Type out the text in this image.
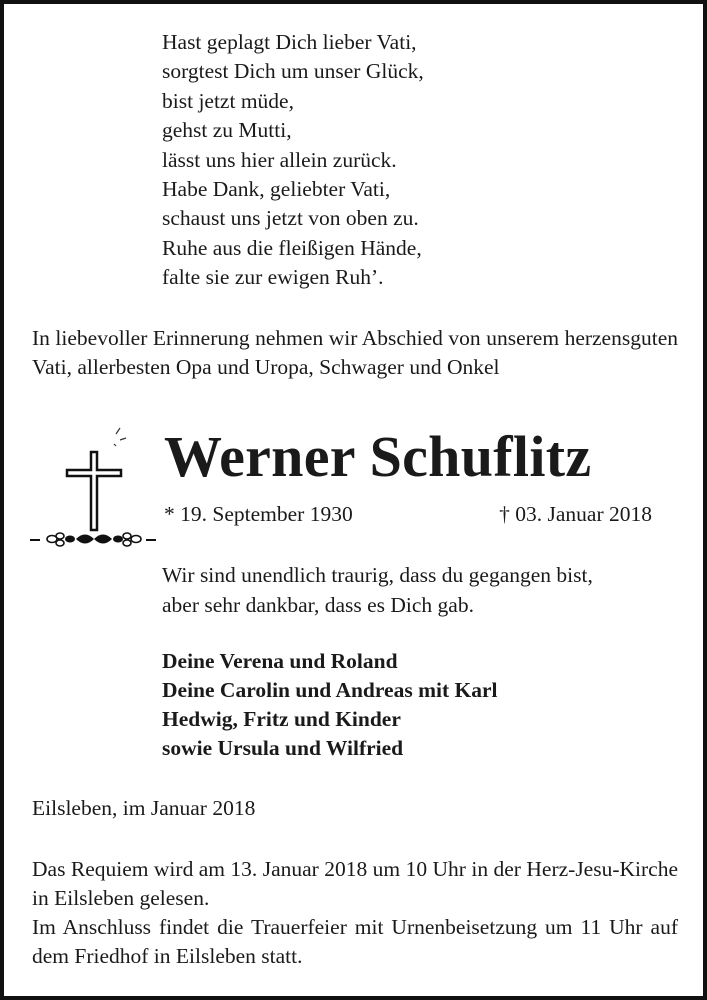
Hast geplagt Dich lieber Vati,
sorgtest Dich um unser Glück,
bist jetzt müde,
gehst zu Mutti,
lässt uns hier allein zurück.
Habe Dank, geliebter Vati,
schaust uns jetzt von oben zu.
Ruhe aus die fleißigen Hände,
falte sie zur ewigen Ruh’.
In liebevoller Erinnerung nehmen wir Abschied von unserem herzensguten Vati, allerbesten Opa und Uropa, Schwager und Onkel
Werner Schuflitz
* 19. September 1930	† 03. Januar 2018
Wir sind unendlich traurig, dass du gegangen bist,
aber sehr dankbar, dass es Dich gab.
Deine Verena und Roland
Deine Carolin und Andreas mit Karl
Hedwig, Fritz und Kinder
sowie Ursula und Wilfried
Eilsleben, im Januar 2018
Das Requiem wird am 13. Januar 2018 um 10 Uhr in der Herz-Jesu-Kirche in Eilsleben gelesen.
Im Anschluss findet die Trauerfeier mit Urnenbeisetzung um 11 Uhr auf dem Friedhof in Eilsleben statt.
